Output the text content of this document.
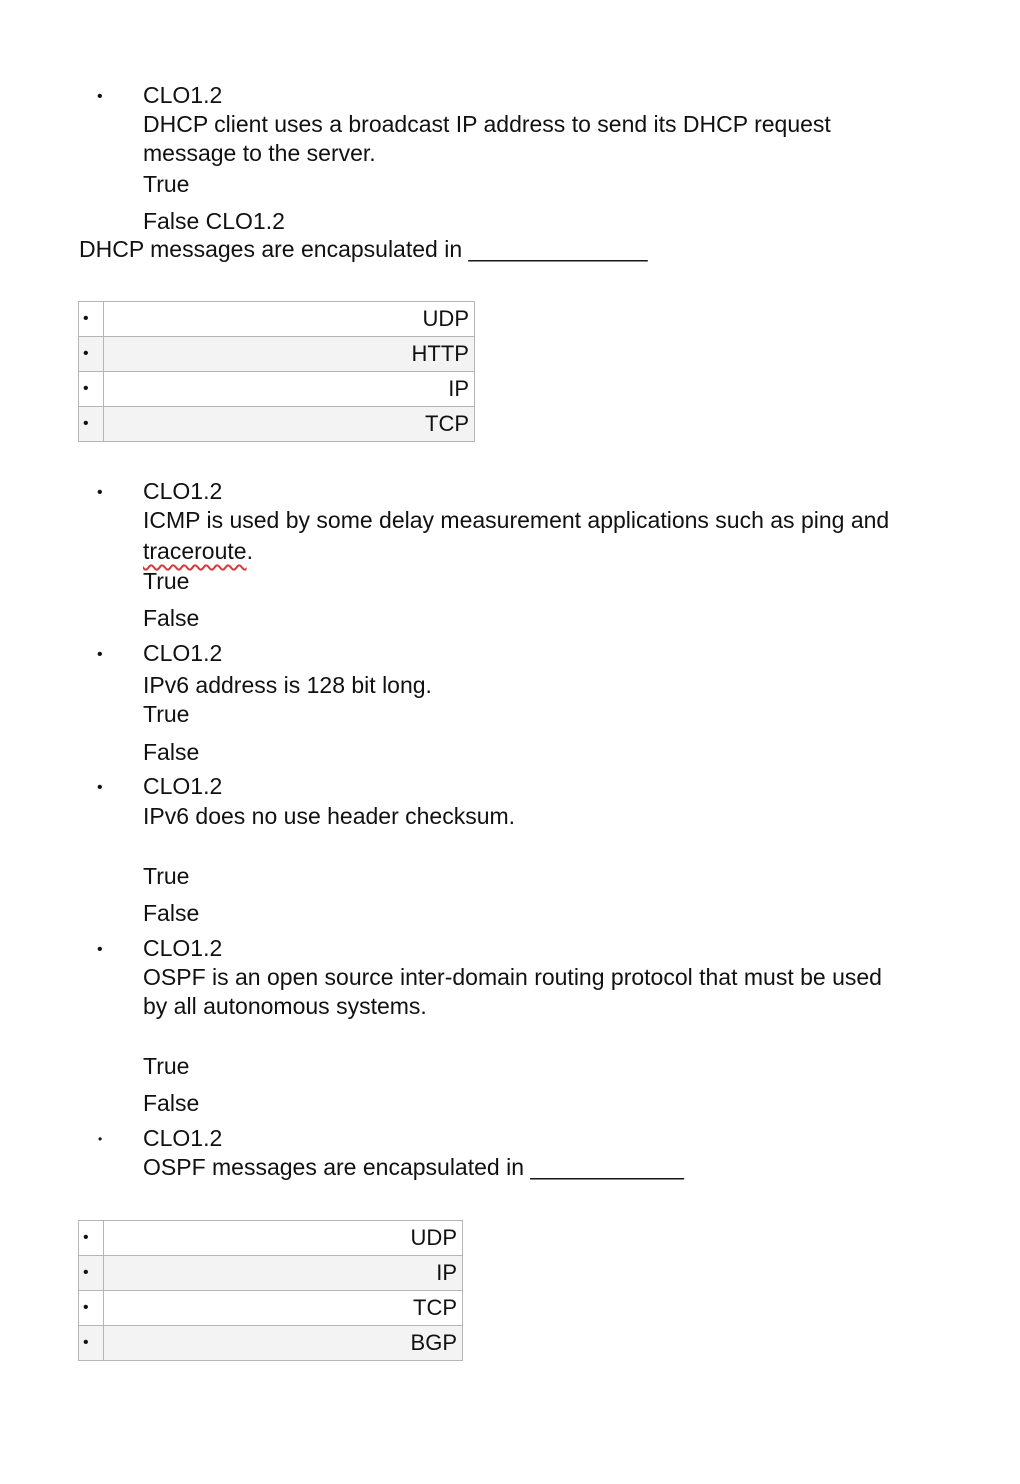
• CLO1.2
DHCP client uses a broadcast IP address to send its DHCP request
message to the server.
True
False CLO1.2
DHCP messages are encapsulated in ______________
•	UDP
•	HTTP
•	IP
•	TCP
• CLO1.2
ICMP is used by some delay measurement applications such as ping and
traceroute.
True
False
• CLO1.2
IPv6 address is 128 bit long.
True
False
• CLO1.2
IPv6 does no use header checksum.
True
False
• CLO1.2
OSPF is an open source inter-domain routing protocol that must be used
by all autonomous systems.
True
False
• CLO1.2
OSPF messages are encapsulated in ____________
•	UDP
•	IP
•	TCP
•	BGP
